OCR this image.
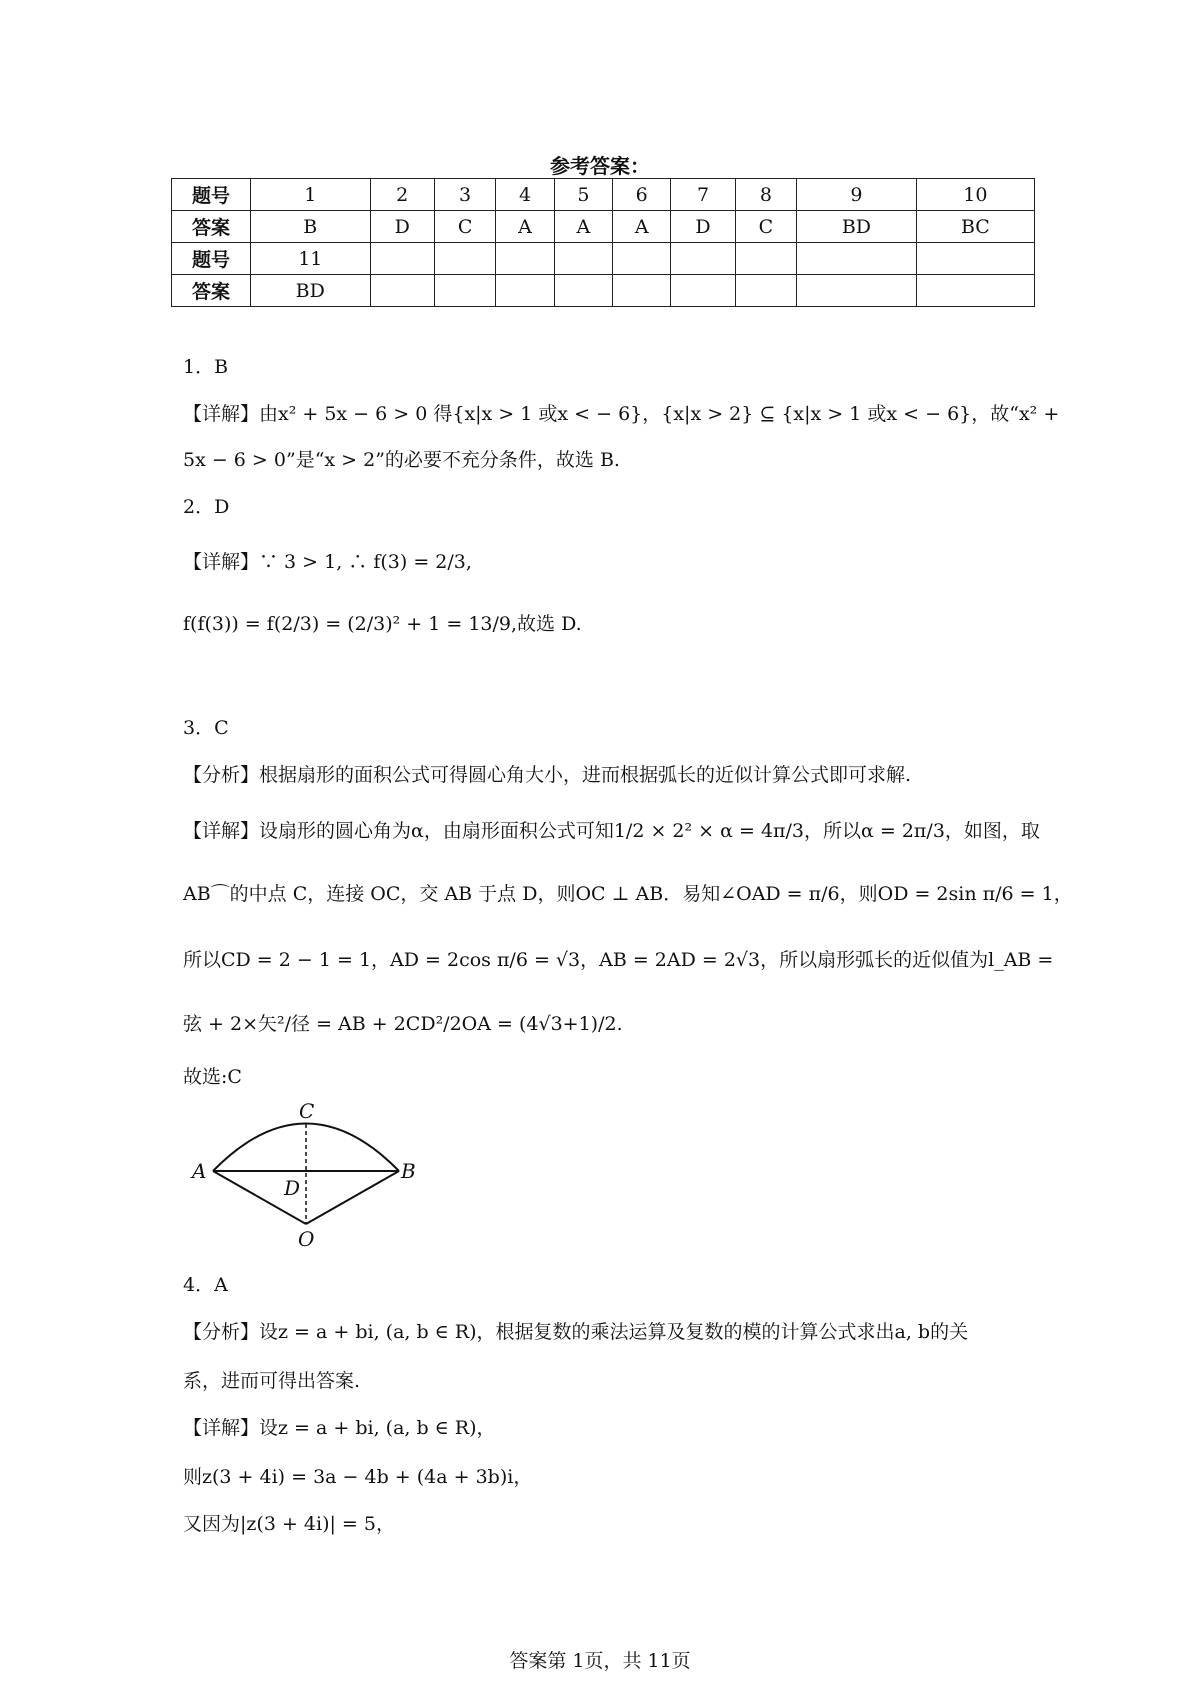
参考答案：
题号	1	2	3	4	5	6	7	8	9	10
答案	B	D	C	A	A	A	D	C	BD	BC
题号	11									
答案	BD									
1．B
【详解】由x² + 5x − 6 > 0 得{x|x > 1 或x < − 6}，{x|x > 2} ⊆ {x|x > 1 或x < − 6}，故“x² +
5x − 6 > 0”是“x > 2”的必要不充分条件，故选 B.
2．D
【详解】∵ 3 > 1, ∴ f(3) = 2/3,
f(f(3)) = f(2/3) = (2/3)² + 1 = 13/9,故选 D.
3．C
【分析】根据扇形的面积公式可得圆心角大小，进而根据弧长的近似计算公式即可求解.
【详解】设扇形的圆心角为α，由扇形面积公式可知1/2 × 2² × α = 4π/3，所以α = 2π/3，如图，取
AB⌒的中点 C，连接 OC，交 AB 于点 D，则OC ⊥ AB．易知∠OAD = π/6，则OD = 2sin π/6 = 1，
所以CD = 2 − 1 = 1，AD = 2cos π/6 = √3，AB = 2AD = 2√3，所以扇形弧长的近似值为l_AB =
弦 + 2×矢²/径 = AB + 2CD²/2OA = (4√3+1)/2.
故选:C
C
A	B
D
O
4．A
【分析】设z = a + bi, (a, b ∈ R)，根据复数的乘法运算及复数的模的计算公式求出a, b的关
系，进而可得出答案.
【详解】设z = a + bi, (a, b ∈ R)，
则z(3 + 4i) = 3a − 4b + (4a + 3b)i，
又因为|z(3 + 4i)| = 5，
答案第 1页，共 11页
